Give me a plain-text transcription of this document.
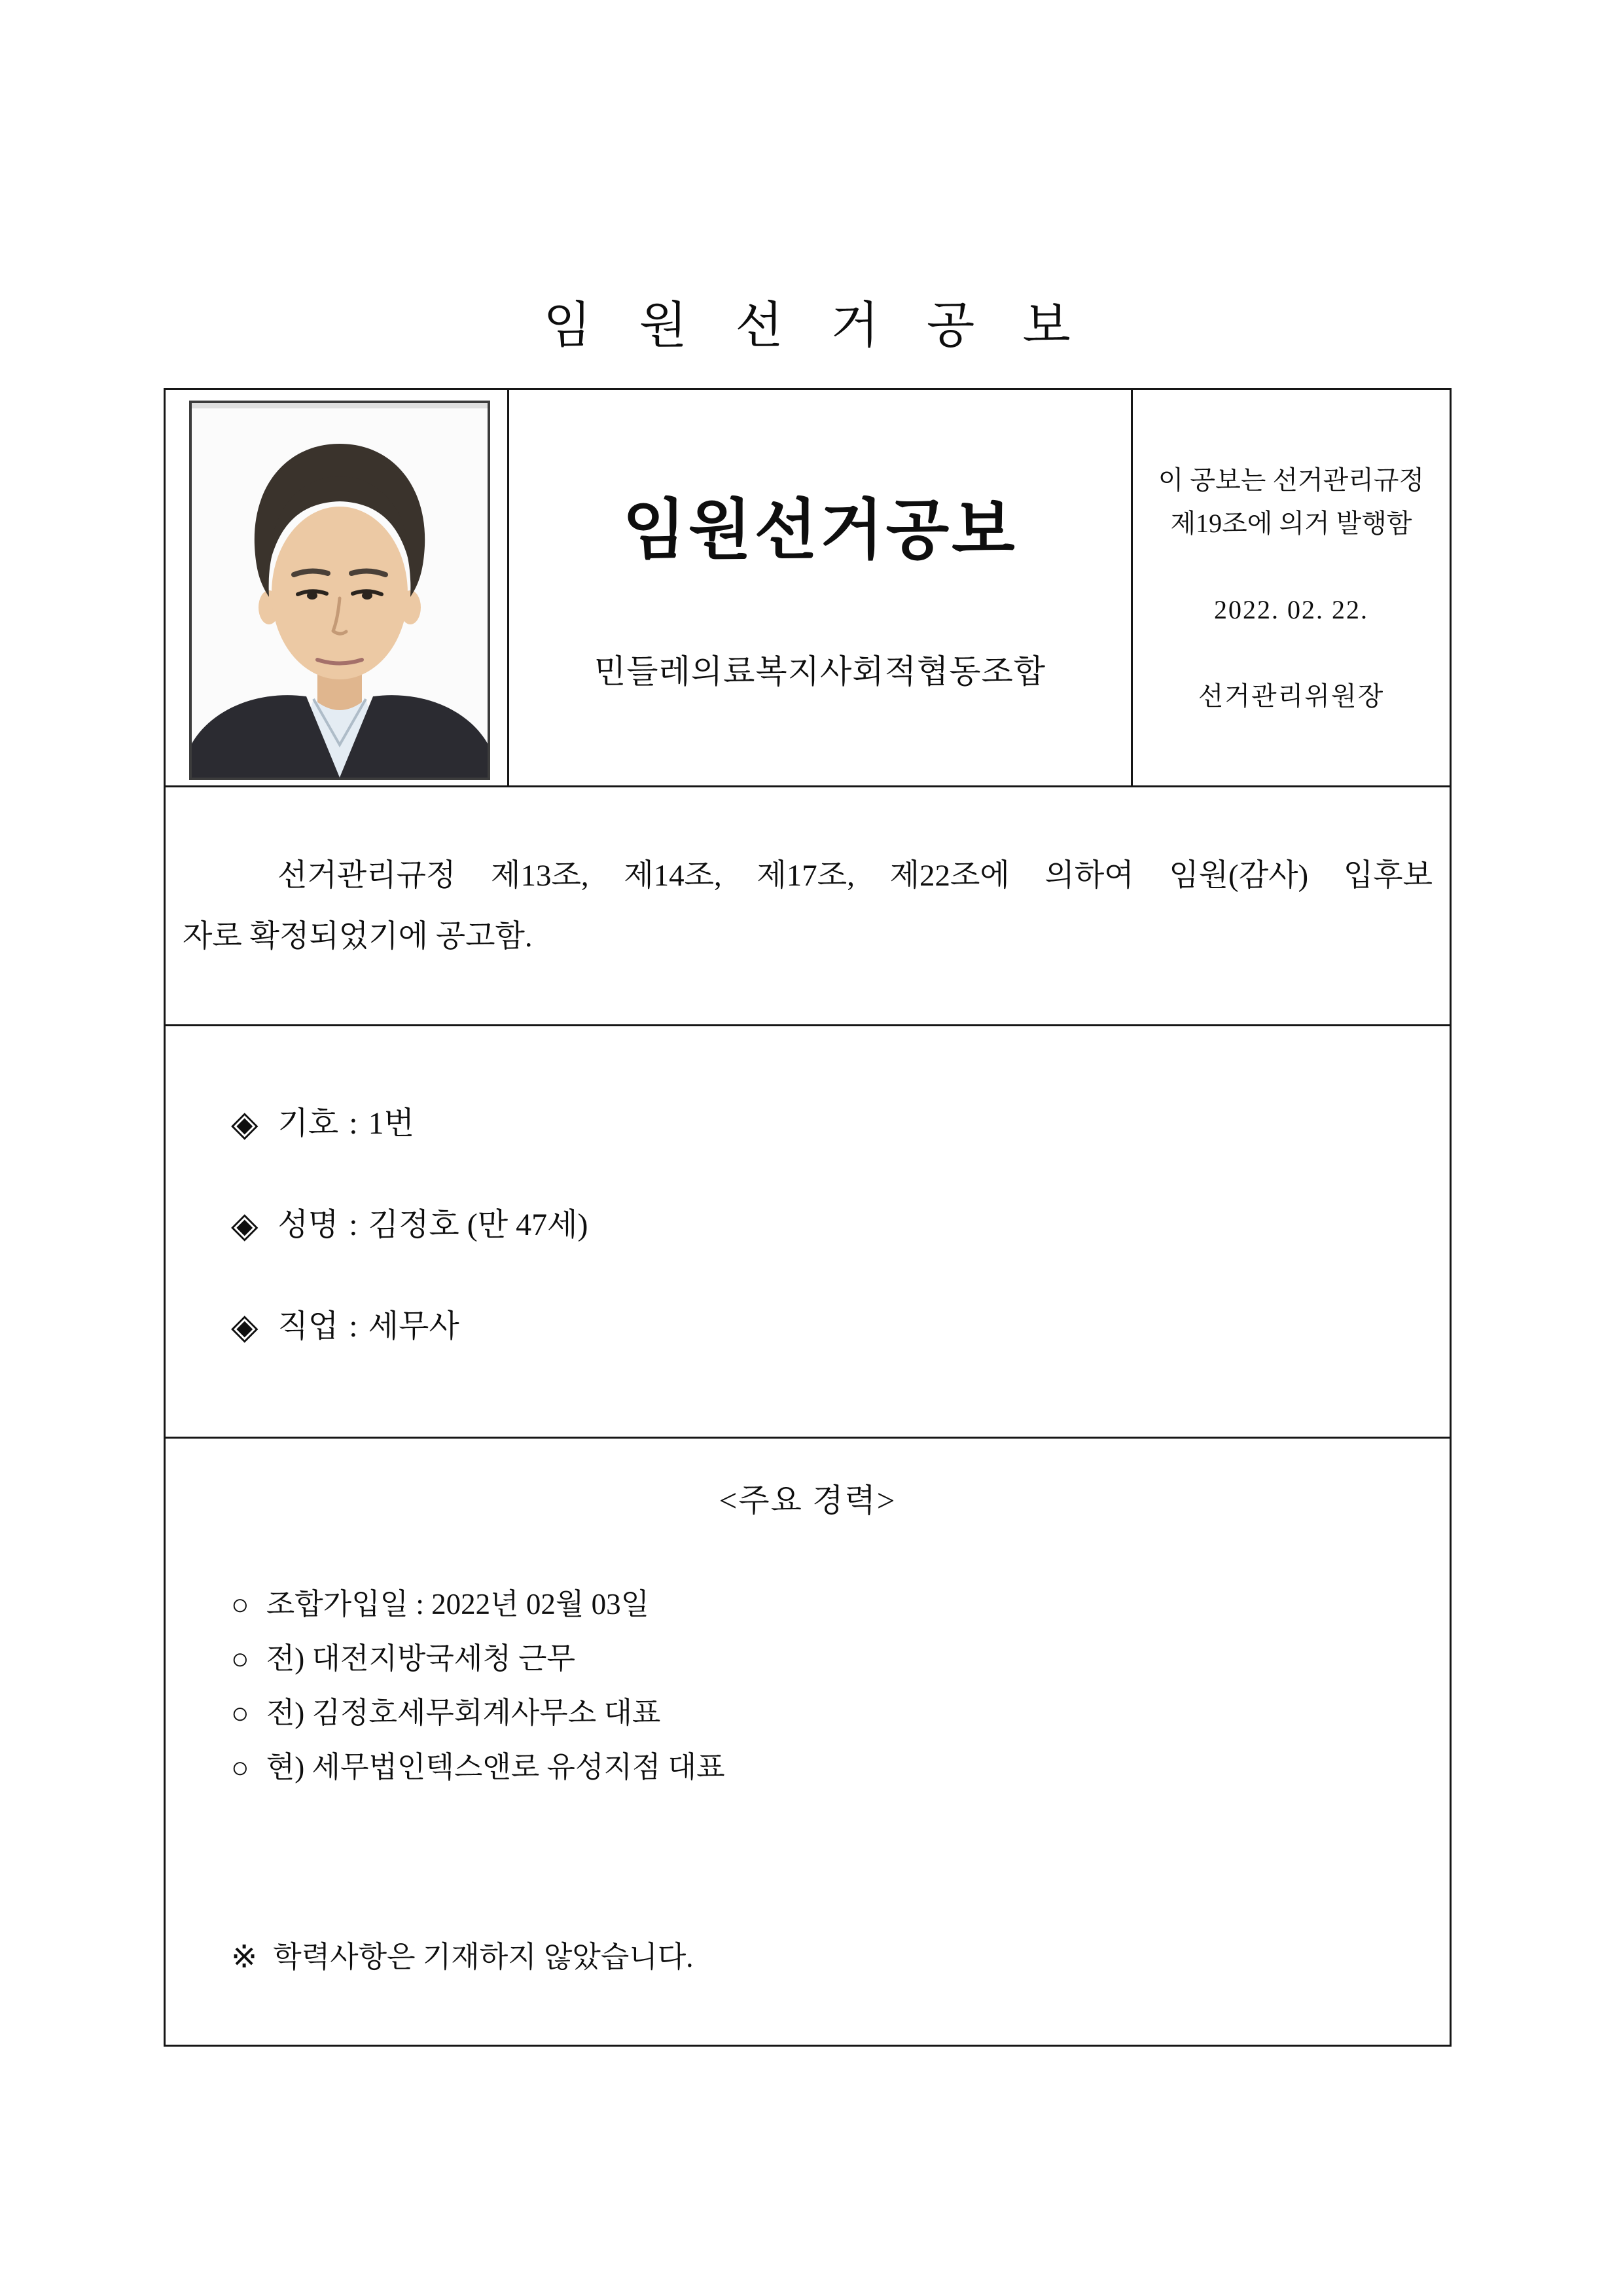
임 원 선 거 공 보
임원선거공보
민들레의료복지사회적협동조합
이 공보는 선거관리규정
제19조에 의거 발행함
2022. 02. 22.
선거관리위원장
선거관리규정 제13조, 제14조, 제17조, 제22조에 의하여 임원(감사) 입후보
자로 확정되었기에 공고함.
◈ 기호 : 1번
◈ 성명 : 김정호 (만 47세)
◈ 직업 : 세무사
<주요 경력>
○ 조합가입일 : 2022년 02월 03일
○ 전) 대전지방국세청 근무
○ 전) 김정호세무회계사무소 대표
○ 현) 세무법인텍스앤로 유성지점 대표
※ 학력사항은 기재하지 않았습니다.
